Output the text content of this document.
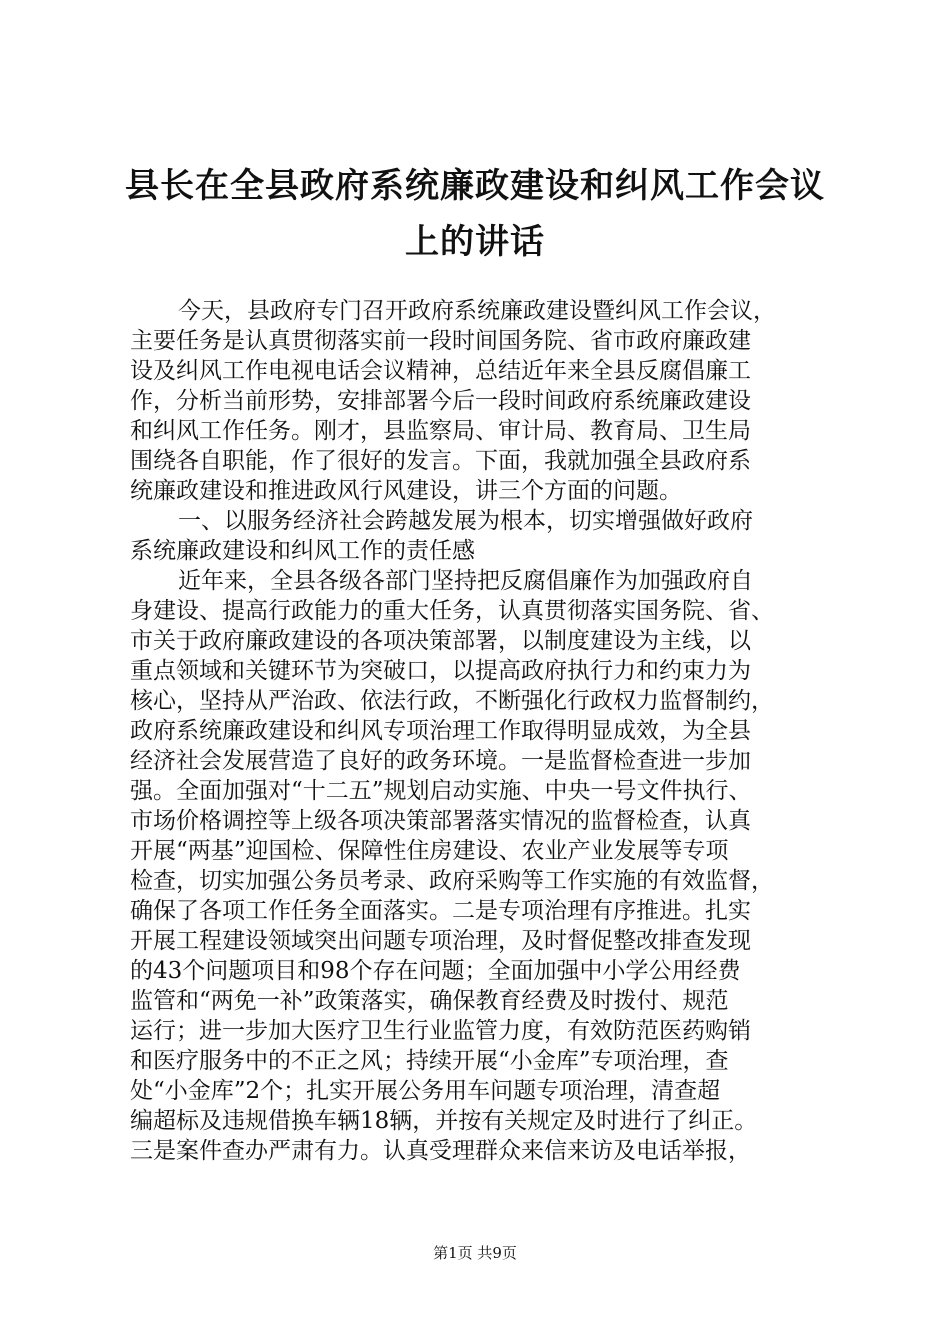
县长在全县政府系统廉政建设和纠风工作会议
上的讲话

今天，县政府专门召开政府系统廉政建设暨纠风工作会议，
主要任务是认真贯彻落实前一段时间国务院、省市政府廉政建
设及纠风工作电视电话会议精神，总结近年来全县反腐倡廉工
作，分析当前形势，安排部署今后一段时间政府系统廉政建设
和纠风工作任务。刚才，县监察局、审计局、教育局、卫生局
围绕各自职能，作了很好的发言。下面，我就加强全县政府系
统廉政建设和推进政风行风建设，讲三个方面的问题。

一、以服务经济社会跨越发展为根本，切实增强做好政府
系统廉政建设和纠风工作的责任感

近年来，全县各级各部门坚持把反腐倡廉作为加强政府自
身建设、提高行政能力的重大任务，认真贯彻落实国务院、省、
市关于政府廉政建设的各项决策部署，以制度建设为主线，以
重点领域和关键环节为突破口，以提高政府执行力和约束力为
核心，坚持从严治政、依法行政，不断强化行政权力监督制约，
政府系统廉政建设和纠风专项治理工作取得明显成效，为全县
经济社会发展营造了良好的政务环境。一是监督检查进一步加
强。全面加强对“十二五”规划启动实施、中央一号文件执行、
市场价格调控等上级各项决策部署落实情况的监督检查，认真
开展“两基”迎国检、保障性住房建设、农业产业发展等专项
检查，切实加强公务员考录、政府采购等工作实施的有效监督，
确保了各项工作任务全面落实。二是专项治理有序推进。扎实
开展工程建设领域突出问题专项治理，及时督促整改排查发现
的43个问题项目和98个存在问题；全面加强中小学公用经费
监管和“两免一补”政策落实，确保教育经费及时拨付、规范
运行；进一步加大医疗卫生行业监管力度，有效防范医药购销
和医疗服务中的不正之风；持续开展“小金库”专项治理，查
处“小金库”2个；扎实开展公务用车问题专项治理，清查超
编超标及违规借换车辆18辆，并按有关规定及时进行了纠正。
三是案件查办严肃有力。认真受理群众来信来访及电话举报，

第1页 共9页
